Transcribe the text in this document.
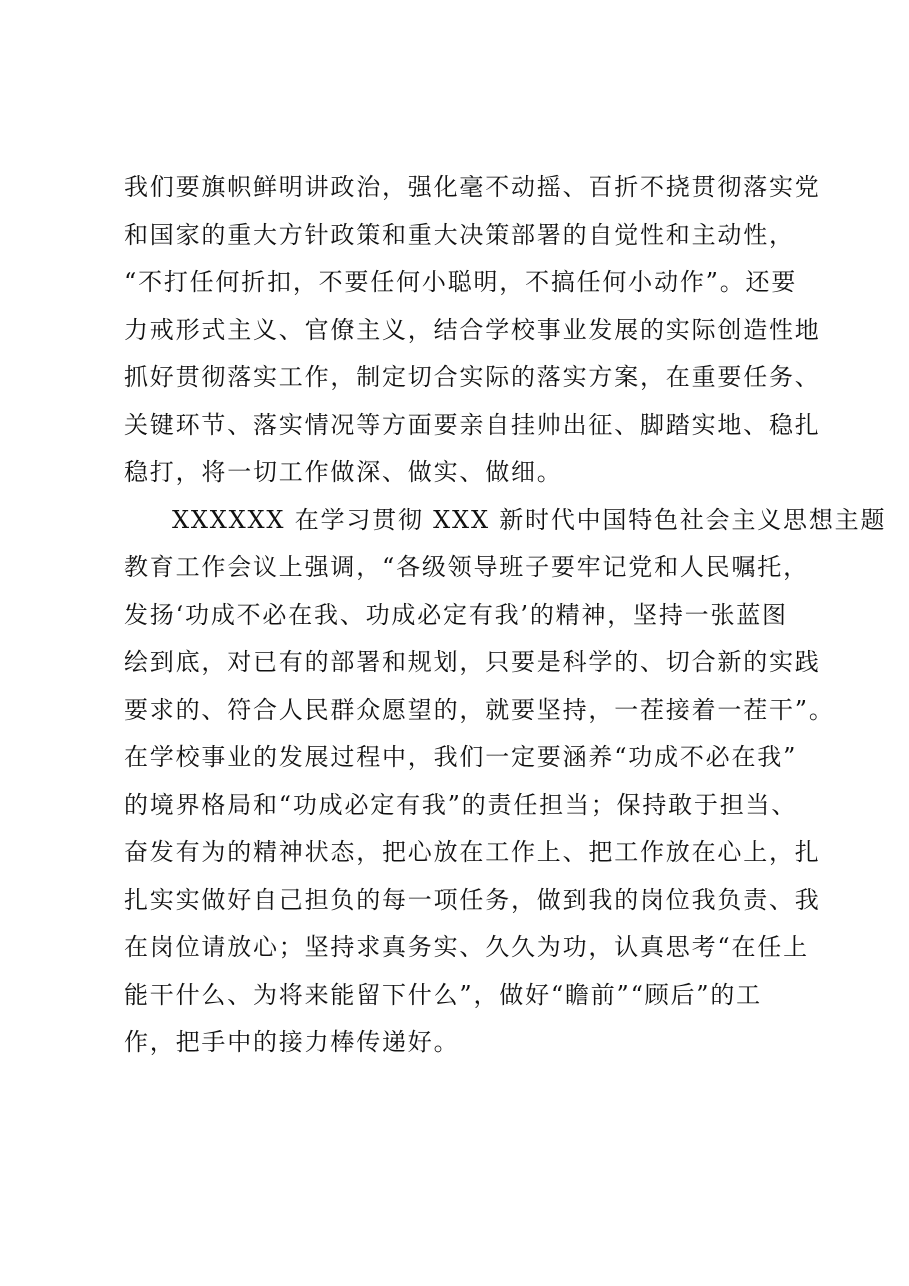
我们要旗帜鲜明讲政治，强化毫不动摇、百折不挠贯彻落实党
和国家的重大方针政策和重大决策部署的自觉性和主动性，
“不打任何折扣，不要任何小聪明，不搞任何小动作”。还要
力戒形式主义、官僚主义，结合学校事业发展的实际创造性地
抓好贯彻落实工作，制定切合实际的落实方案，在重要任务、
关键环节、落实情况等方面要亲自挂帅出征、脚踏实地、稳扎
稳打，将一切工作做深、做实、做细。
XXXXXX 在学习贯彻 XXX 新时代中国特色社会主义思想主题
教育工作会议上强调，“各级领导班子要牢记党和人民嘱托，
发扬‘功成不必在我、功成必定有我’的精神，坚持一张蓝图
绘到底，对已有的部署和规划，只要是科学的、切合新的实践
要求的、符合人民群众愿望的，就要坚持，一茬接着一茬干”。
在学校事业的发展过程中，我们一定要涵养“功成不必在我”
的境界格局和“功成必定有我”的责任担当；保持敢于担当、
奋发有为的精神状态，把心放在工作上、把工作放在心上，扎
扎实实做好自己担负的每一项任务，做到我的岗位我负责、我
在岗位请放心；坚持求真务实、久久为功，认真思考“在任上
能干什么、为将来能留下什么”，做好“瞻前”“顾后”的工
作，把手中的接力棒传递好。
